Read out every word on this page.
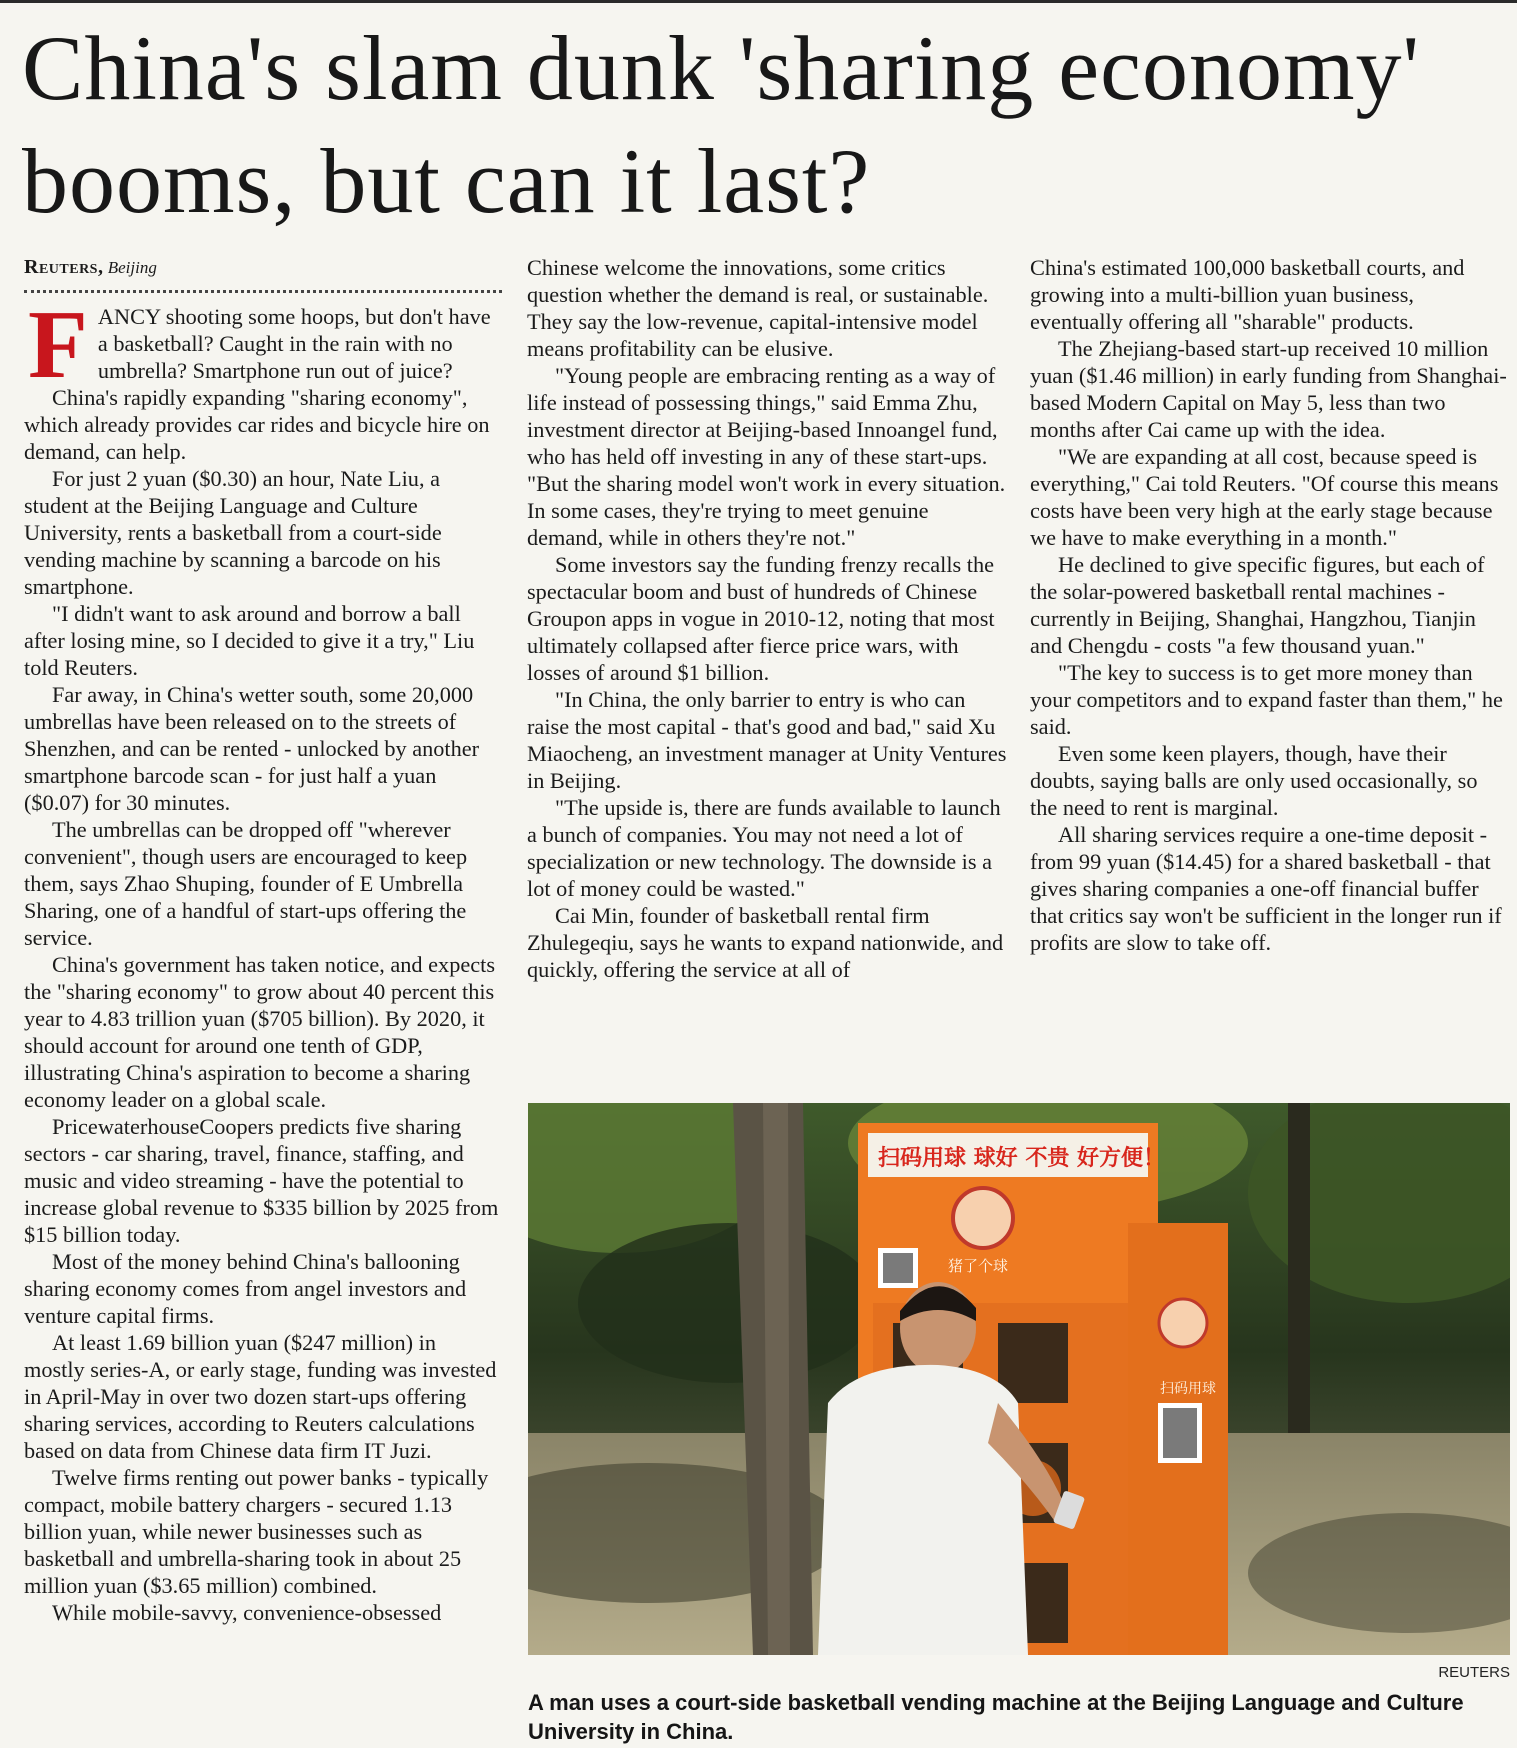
China's slam dunk 'sharing economy' booms, but can it last?
Reuters, Beijing

FANCY shooting some hoops, but don't have a basketball? Caught in the rain with no umbrella? Smartphone run out of juice?

China's rapidly expanding "sharing economy", which already provides car rides and bicycle hire on demand, can help.

For just 2 yuan ($0.30) an hour, Nate Liu, a student at the Beijing Language and Culture University, rents a basketball from a court-side vending machine by scanning a barcode on his smartphone.

"I didn't want to ask around and borrow a ball after losing mine, so I decided to give it a try," Liu told Reuters.

Far away, in China's wetter south, some 20,000 umbrellas have been released on to the streets of Shenzhen, and can be rented - unlocked by another smartphone barcode scan - for just half a yuan ($0.07) for 30 minutes.

The umbrellas can be dropped off "wherever convenient", though users are encouraged to keep them, says Zhao Shuping, founder of E Umbrella Sharing, one of a handful of start-ups offering the service.

China's government has taken notice, and expects the "sharing economy" to grow about 40 percent this year to 4.83 trillion yuan ($705 billion). By 2020, it should account for around one tenth of GDP, illustrating China's aspiration to become a sharing economy leader on a global scale.

PricewaterhouseCoopers predicts five sharing sectors - car sharing, travel, finance, staffing, and music and video streaming - have the potential to increase global revenue to $335 billion by 2025 from $15 billion today.

Most of the money behind China's ballooning sharing economy comes from angel investors and venture capital firms.

At least 1.69 billion yuan ($247 million) in mostly series-A, or early stage, funding was invested in April-May in over two dozen start-ups offering sharing services, according to Reuters calculations based on data from Chinese data firm IT Juzi.

Twelve firms renting out power banks - typically compact, mobile battery chargers - secured 1.13 billion yuan, while newer businesses such as basketball and umbrella-sharing took in about 25 million yuan ($3.65 million) combined.

While mobile-savvy, convenience-obsessed

Chinese welcome the innovations, some critics question whether the demand is real, or sustainable. They say the low-revenue, capital-intensive model means profitability can be elusive.

"Young people are embracing renting as a way of life instead of possessing things," said Emma Zhu, investment director at Beijing-based Innoangel fund, who has held off investing in any of these start-ups. "But the sharing model won't work in every situation. In some cases, they're trying to meet genuine demand, while in others they're not."

Some investors say the funding frenzy recalls the spectacular boom and bust of hundreds of Chinese Groupon apps in vogue in 2010-12, noting that most ultimately collapsed after fierce price wars, with losses of around $1 billion.

"In China, the only barrier to entry is who can raise the most capital - that's good and bad," said Xu Miaocheng, an investment manager at Unity Ventures in Beijing.

"The upside is, there are funds available to launch a bunch of companies. You may not need a lot of specialization or new technology. The downside is a lot of money could be wasted."

Cai Min, founder of basketball rental firm Zhulegeqiu, says he wants to expand nationwide, and quickly, offering the service at all of

China's estimated 100,000 basketball courts, and growing into a multi-billion yuan business, eventually offering all "sharable" products.

The Zhejiang-based start-up received 10 million yuan ($1.46 million) in early funding from Shanghai-based Modern Capital on May 5, less than two months after Cai came up with the idea.

"We are expanding at all cost, because speed is everything," Cai told Reuters. "Of course this means costs have been very high at the early stage because we have to make everything in a month."

He declined to give specific figures, but each of the solar-powered basketball rental machines - currently in Beijing, Shanghai, Hangzhou, Tianjin and Chengdu - costs "a few thousand yuan."

"The key to success is to get more money than your competitors and to expand faster than them," he said.

Even some keen players, though, have their doubts, saying balls are only used occasionally, so the need to rent is marginal.

All sharing services require a one-time deposit - from 99 yuan ($14.45) for a shared basketball - that gives sharing companies a one-off financial buffer that critics say won't be sufficient in the longer run if profits are slow to take off.

扫码用球 球好 不贵 好方便！
猪了个球
扫码用球
REUTERS
A man uses a court-side basketball vending machine at the Beijing Language and Culture University in China.
